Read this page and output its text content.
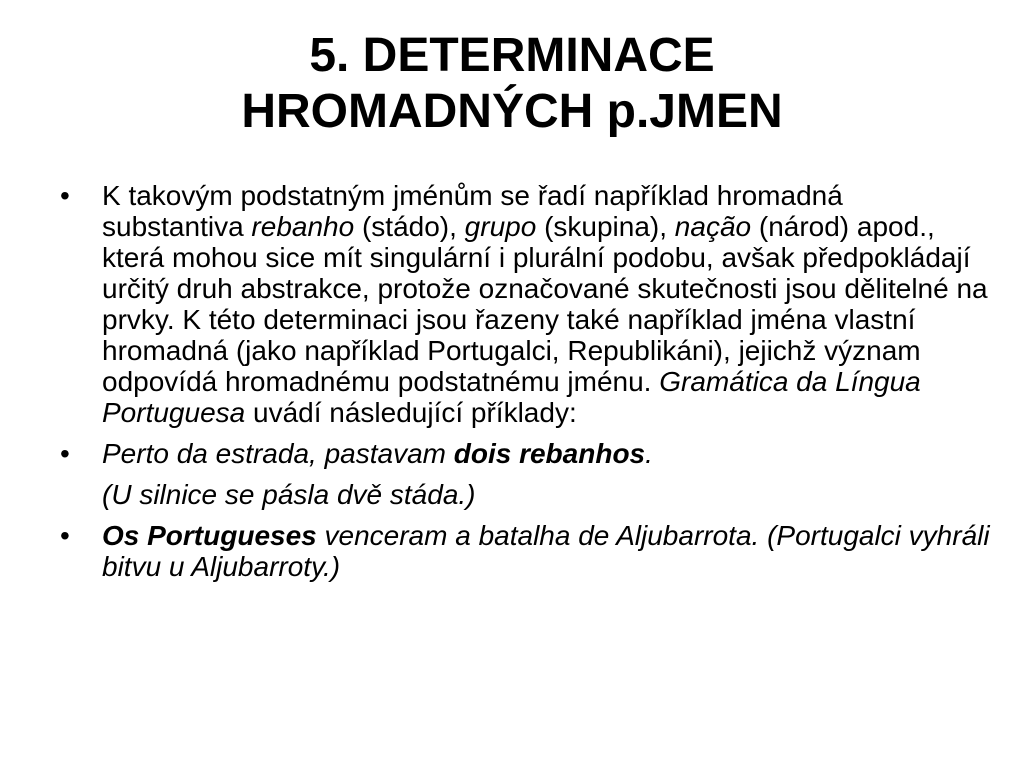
5. DETERMINACE
HROMADNÝCH p.JMEN
• K takovým podstatným jménům se řadí například hromadná substantiva rebanho (stádo), grupo (skupina), nação (národ) apod., která mohou sice mít singulární i plurální podobu, avšak předpokládají určitý druh abstrakce, protože označované skutečnosti jsou dělitelné na prvky. K této determinaci jsou řazeny také například jména vlastní hromadná (jako například Portugalci, Republikáni), jejichž význam odpovídá hromadnému podstatnému jménu. Gramática da Língua Portuguesa uvádí následující příklady:
• Perto da estrada, pastavam dois rebanhos.
(U silnice se pásla dvě stáda.)
• Os Portugueses venceram a batalha de Aljubarrota. (Portugalci vyhráli bitvu u Aljubarroty.)
